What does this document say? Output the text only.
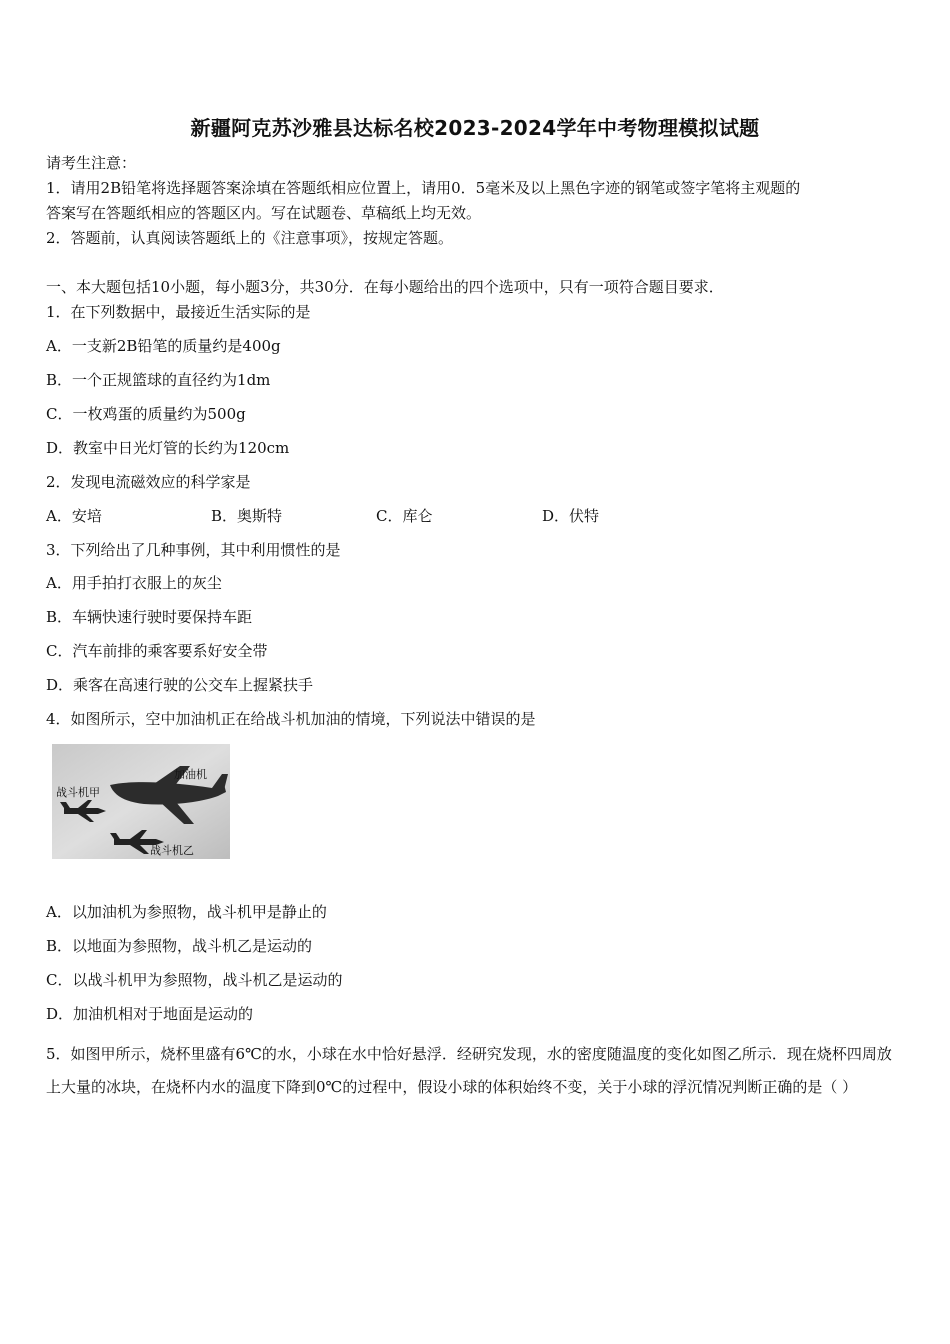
新疆阿克苏沙雅县达标名校2023-2024学年中考物理模拟试题
请考生注意：
1．请用2B铅笔将选择题答案涂填在答题纸相应位置上，请用0．5毫米及以上黑色字迹的钢笔或签字笔将主观题的
答案写在答题纸相应的答题区内。写在试题卷、草稿纸上均无效。
2．答题前，认真阅读答题纸上的《注意事项》，按规定答题。
一、本大题包括10小题，每小题3分，共30分．在每小题给出的四个选项中，只有一项符合题目要求．
1．在下列数据中，最接近生活实际的是
A．一支新2B铅笔的质量约是400g
B．一个正规篮球的直径约为1dm
C．一枚鸡蛋的质量约为500g
D．教室中日光灯管的长约为120cm
2．发现电流磁效应的科学家是
A．安培	B．奥斯特	C．库仑	D．伏特
3．下列给出了几种事例，其中利用惯性的是
A．用手拍打衣服上的灰尘
B．车辆快速行驶时要保持车距
C．汽车前排的乘客要系好安全带
D．乘客在高速行驶的公交车上握紧扶手
4．如图所示，空中加油机正在给战斗机加油的情境，下列说法中错误的是
加油机
战斗机甲
战斗机乙
A．以加油机为参照物，战斗机甲是静止的
B．以地面为参照物，战斗机乙是运动的
C．以战斗机甲为参照物，战斗机乙是运动的
D．加油机相对于地面是运动的
5．如图甲所示，烧杯里盛有6℃的水，小球在水中恰好悬浮．经研究发现，水的密度随温度的变化如图乙所示．现在烧杯四周放上大量的冰块，在烧杯内水的温度下降到0℃的过程中，假设小球的体积始终不变，关于小球的浮沉情况判断正确的是（ ）
